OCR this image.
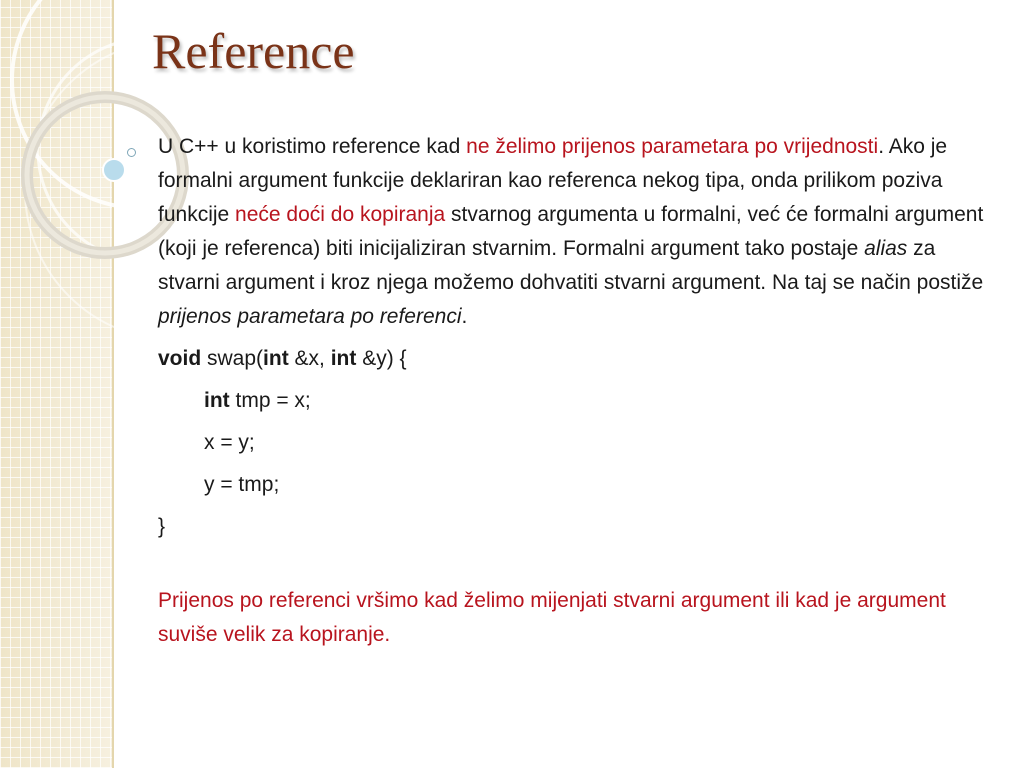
Reference

U C++ u koristimo reference kad ne želimo prijenos parametara po vrijednosti. Ako je formalni argument funkcije deklariran kao referenca nekog tipa, onda prilikom poziva funkcije neće doći do kopiranja stvarnog argumenta u formalni, već će formalni argument (koji je referenca) biti inicijaliziran stvarnim. Formalni argument tako postaje alias za stvarni argument i kroz njega možemo dohvatiti stvarni argument. Na taj se način postiže prijenos parametara po referenci.

void swap(int &x, int &y) {

int tmp = x;

x = y;

y = tmp;

}

Prijenos po referenci vršimo kad želimo mijenjati stvarni argument ili kad je argument suviše velik za kopiranje.
